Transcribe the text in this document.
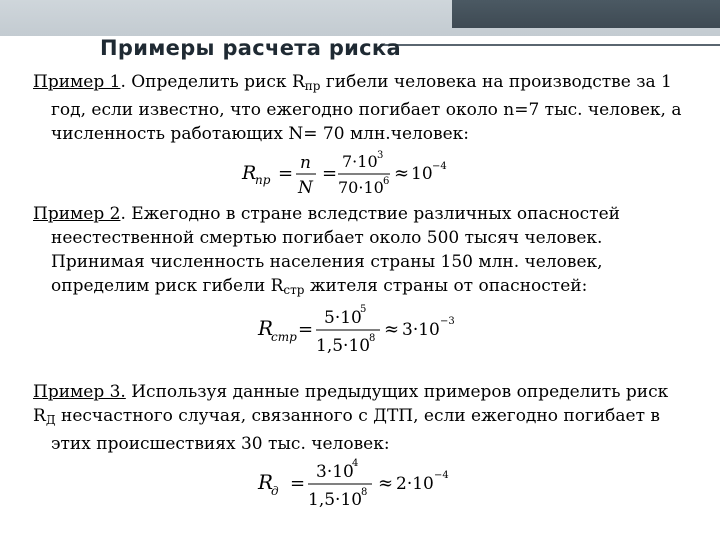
Примеры расчета риска
Пример 1. Определить риск $R_{пр}$ гибели человека на производстве за 1
год, если известно, что ежегодно погибает около n=7 тыс. человек, а
численность работающих N= 70 млн.человек:
R
пр = n
N
=
7·10 3
70·10 6 ≈ 10 −4
Пример 2. Ежегодно в стране вследствие различных опасностей
неестественной смертью погибает около 500 тысяч человек.
Принимая численность населения страны 150 млн. человек,
определим риск гибели $R_{стр}$ жителя страны от опасностей:
R
стр =
5·10
5
1,5·10
8 ≈ 3·10 −3
Пример 3. Используя данные предыдущих примеров определить риск
$R_Д$ несчастного случая, связанного с ДТП, если ежегодно погибает в
этих происшествиях 30 тыс. человек:
R
д =
3·10
4
1,5·10
8 ≈ 2·10 −4
